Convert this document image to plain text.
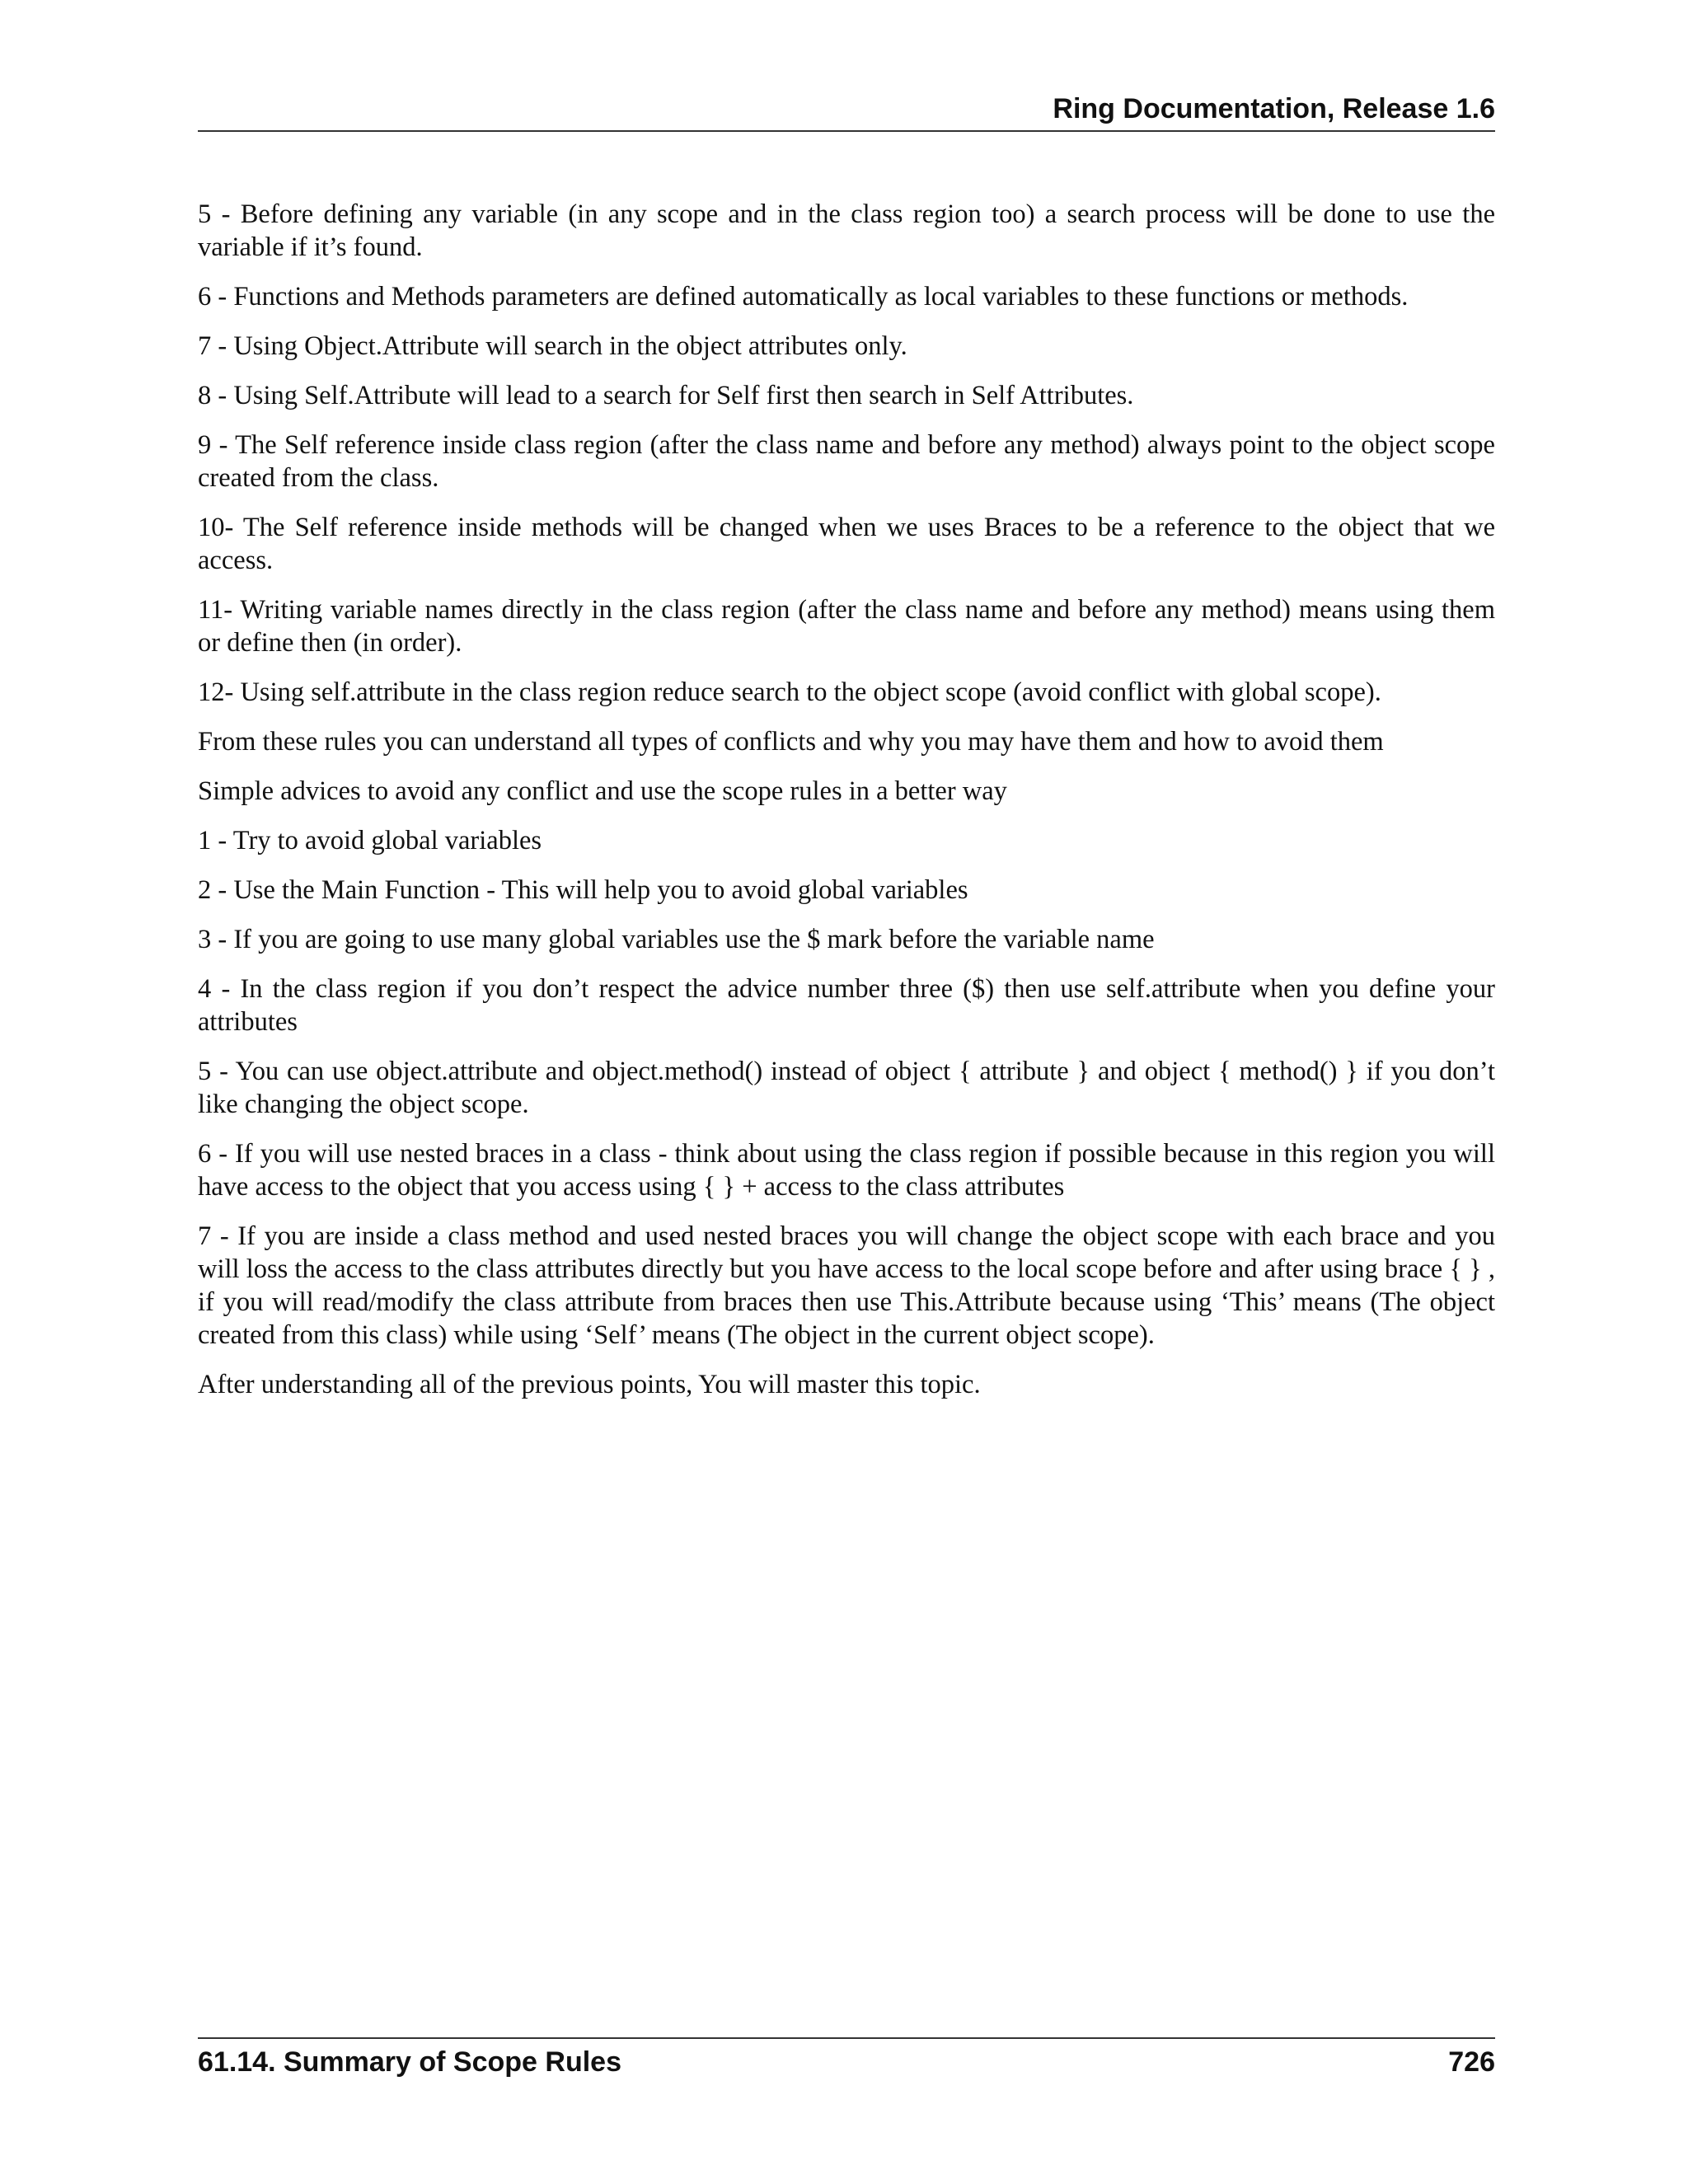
Ring Documentation, Release 1.6

5 - Before defining any variable (in any scope and in the class region too) a search process will be done to use the variable if it’s found.

6 - Functions and Methods parameters are defined automatically as local variables to these functions or methods.

7 - Using Object.Attribute will search in the object attributes only.

8 - Using Self.Attribute will lead to a search for Self first then search in Self Attributes.

9 - The Self reference inside class region (after the class name and before any method) always point to the object scope created from the class.

10- The Self reference inside methods will be changed when we uses Braces to be a reference to the object that we access.

11- Writing variable names directly in the class region (after the class name and before any method) means using them or define then (in order).

12- Using self.attribute in the class region reduce search to the object scope (avoid conflict with global scope).

From these rules you can understand all types of conflicts and why you may have them and how to avoid them

Simple advices to avoid any conflict and use the scope rules in a better way

1 - Try to avoid global variables

2 - Use the Main Function - This will help you to avoid global variables

3 - If you are going to use many global variables use the $ mark before the variable name

4 - In the class region if you don’t respect the advice number three ($) then use self.attribute when you define your attributes

5 - You can use object.attribute and object.method() instead of object { attribute } and object { method() } if you don’t like changing the object scope.

6 - If you will use nested braces in a class - think about using the class region if possible because in this region you will have access to the object that you access using { } + access to the class attributes

7 - If you are inside a class method and used nested braces you will change the object scope with each brace and you will loss the access to the class attributes directly but you have access to the local scope before and after using brace { } , if you will read/modify the class attribute from braces then use This.Attribute because using ‘This’ means (The object created from this class) while using ‘Self’ means (The object in the current object scope).

After understanding all of the previous points, You will master this topic.

61.14. Summary of Scope Rules	726
